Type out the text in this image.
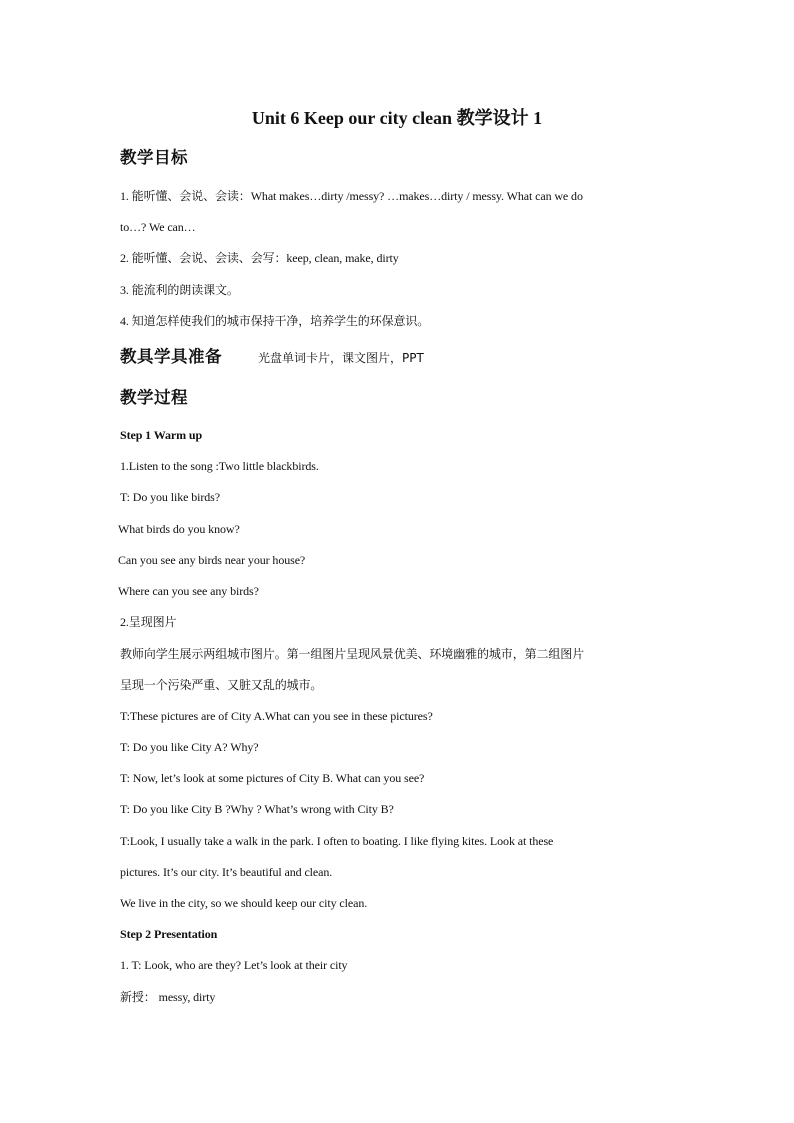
Unit 6 Keep our city clean 教学设计 1
教学目标
1. 能听懂、会说、会读：What makes…dirty /messy? …makes…dirty / messy. What can we do
to…? We can…
2. 能听懂、会说、会读、会写：keep, clean, make, dirty
3. 能流利的朗读课文。
4. 知道怎样使我们的城市保持干净，培养学生的环保意识。
教具学具准备	光盘单词卡片，课文图片，PPT
教学过程
Step 1 Warm up
1.Listen to the song :Two little blackbirds.
T: Do you like birds?
What birds do you know?
Can you see any birds near your house?
Where can you see any birds?
2.呈现图片
教师向学生展示两组城市图片。第一组图片呈现风景优美、环境幽雅的城市，第二组图片
呈现一个污染严重、又脏又乱的城市。
T:These pictures are of City A.What can you see in these pictures?
T: Do you like City A? Why?
T: Now, let’s look at some pictures of City B. What can you see?
T: Do you like City B ?Why ? What’s wrong with City B?
T:Look, I usually take a walk in the park. I often to boating. I like flying kites. Look at these
pictures. It’s our city. It’s beautiful and clean.
We live in the city, so we should keep our city clean.
Step 2 Presentation
1. T: Look, who are they? Let’s look at their city
新授： messy, dirty
